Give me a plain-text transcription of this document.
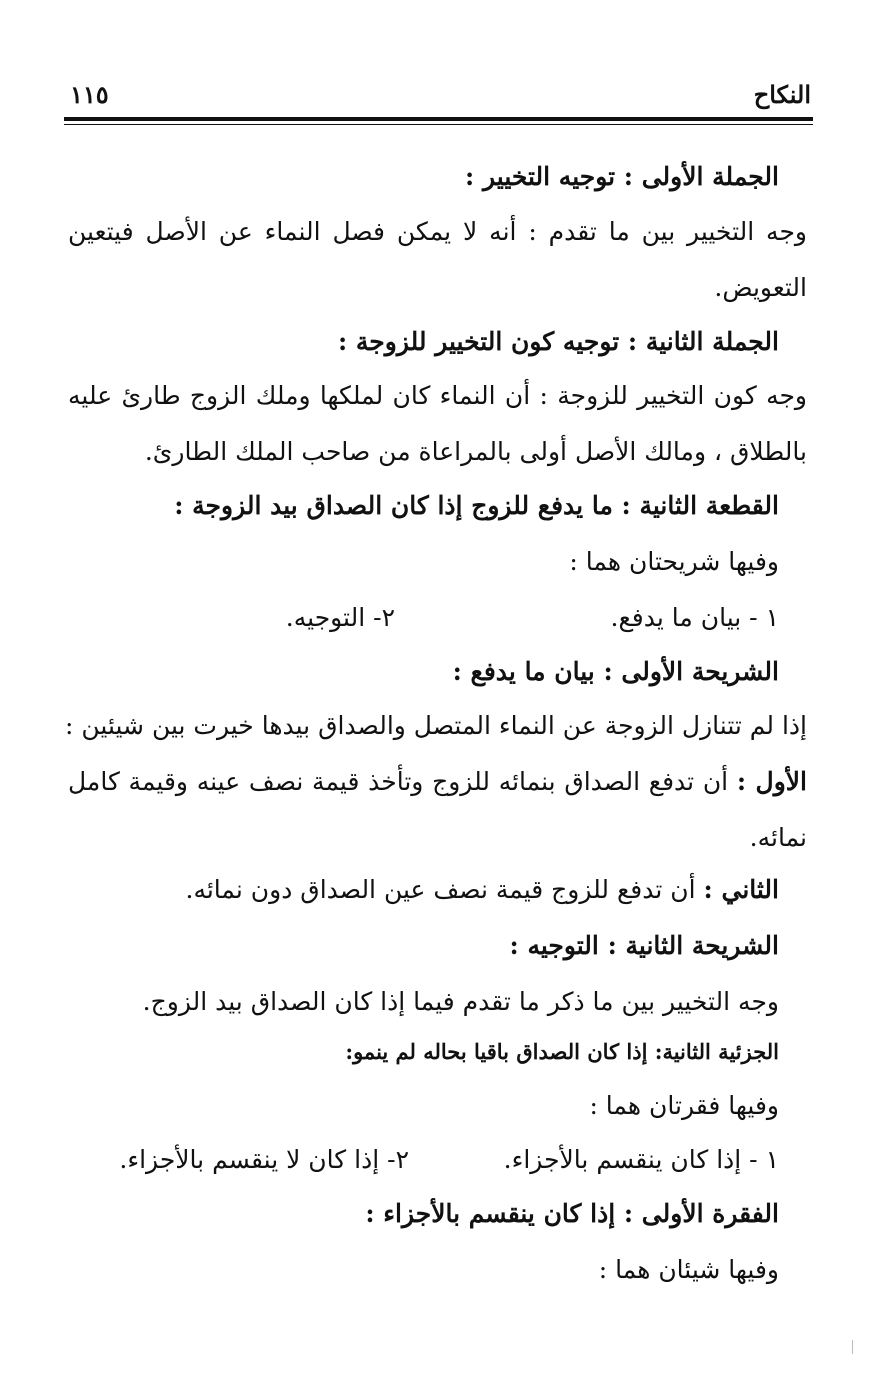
النكاح
١١٥
الجملة الأولى : توجيه التخيير :
وجه التخيير بين ما تقدم : أنه لا يمكن فصل النماء عن الأصل فيتعين
التعويض.
الجملة الثانية : توجيه كون التخيير للزوجة :
وجه كون التخيير للزوجة : أن النماء كان لملكها وملك الزوج طارئ عليه
بالطلاق ، ومالك الأصل أولى بالمراعاة من صاحب الملك الطارئ.
القطعة الثانية : ما يدفع للزوج إذا كان الصداق بيد الزوجة :
وفيها شريحتان هما :
١ - بيان ما يدفع.
٢- التوجيه.
الشريحة الأولى : بيان ما يدفع :
إذا لم تتنازل الزوجة عن النماء المتصل والصداق بيدها خيرت بين شيئين :
الأول : أن تدفع الصداق بنمائه للزوج وتأخذ قيمة نصف عينه وقيمة كامل
نمائه.
الثاني : أن تدفع للزوج قيمة نصف عين الصداق دون نمائه.
الشريحة الثانية : التوجيه :
وجه التخيير بين ما ذكر ما تقدم فيما إذا كان الصداق بيد الزوج.
الجزئية الثانية: إذا كان الصداق باقيا بحاله لم ينمو:
وفيها فقرتان هما :
١ - إذا كان ينقسم بالأجزاء.
٢- إذا كان لا ينقسم بالأجزاء.
الفقرة الأولى : إذا كان ينقسم بالأجزاء :
وفيها شيئان هما :
